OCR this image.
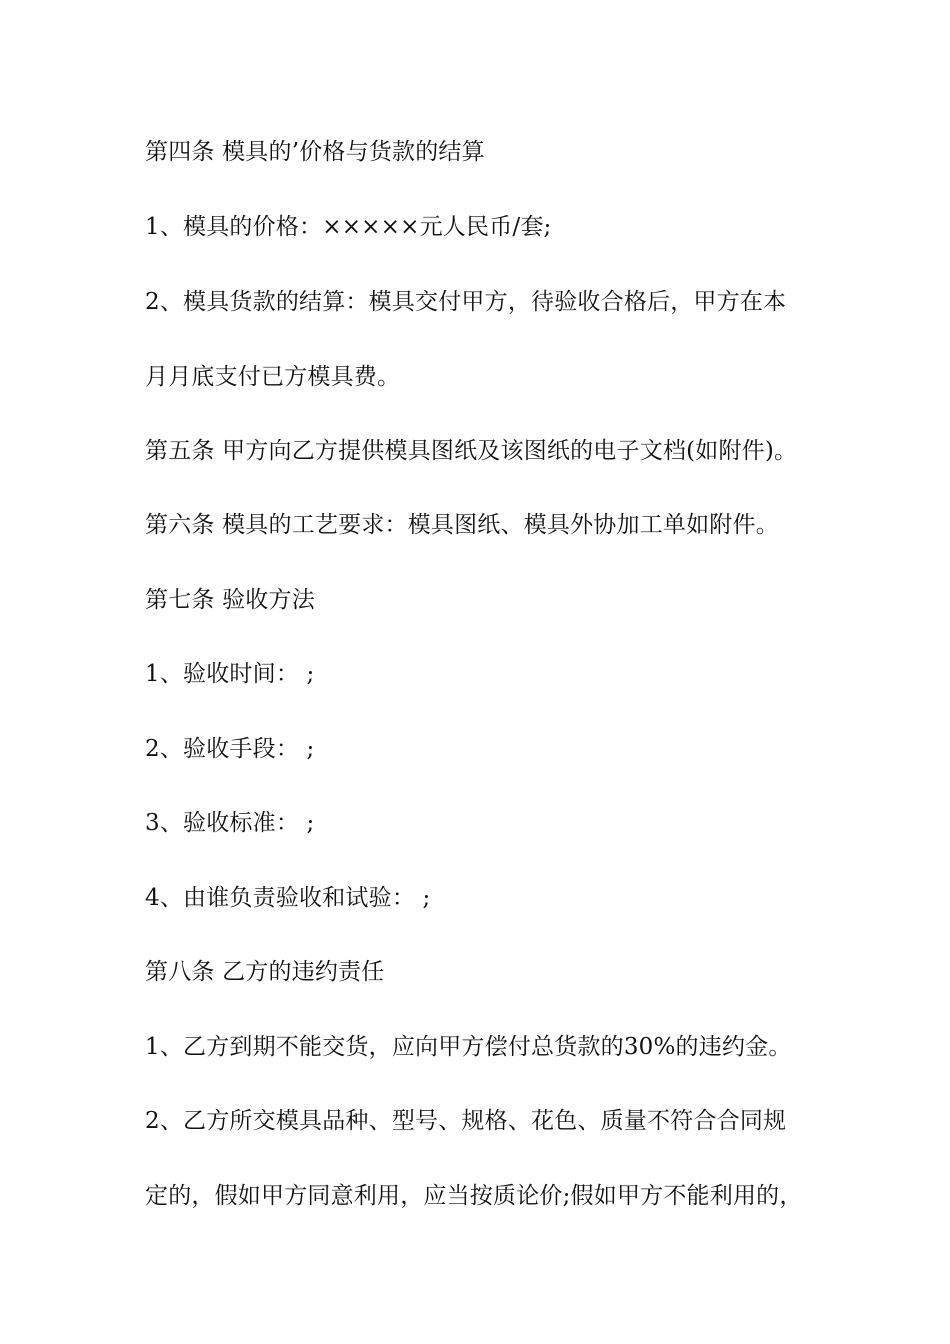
第四条 模具的’价格与货款的结算
1、模具的价格：×××××元人民币/套;
2、模具货款的结算：模具交付甲方，待验收合格后，甲方在本
月月底支付已方模具费。
第五条 甲方向乙方提供模具图纸及该图纸的电子文档(如附件)。
第六条 模具的工艺要求：模具图纸、模具外协加工单如附件。
第七条 验收方法
1、验收时间： ;
2、验收手段： ;
3、验收标准： ;
4、由谁负责验收和试验： ;
第八条 乙方的违约责任
1、乙方到期不能交货，应向甲方偿付总货款的30%的违约金。
2、乙方所交模具品种、型号、规格、花色、质量不符合合同规
定的，假如甲方同意利用，应当按质论价;假如甲方不能利用的，
